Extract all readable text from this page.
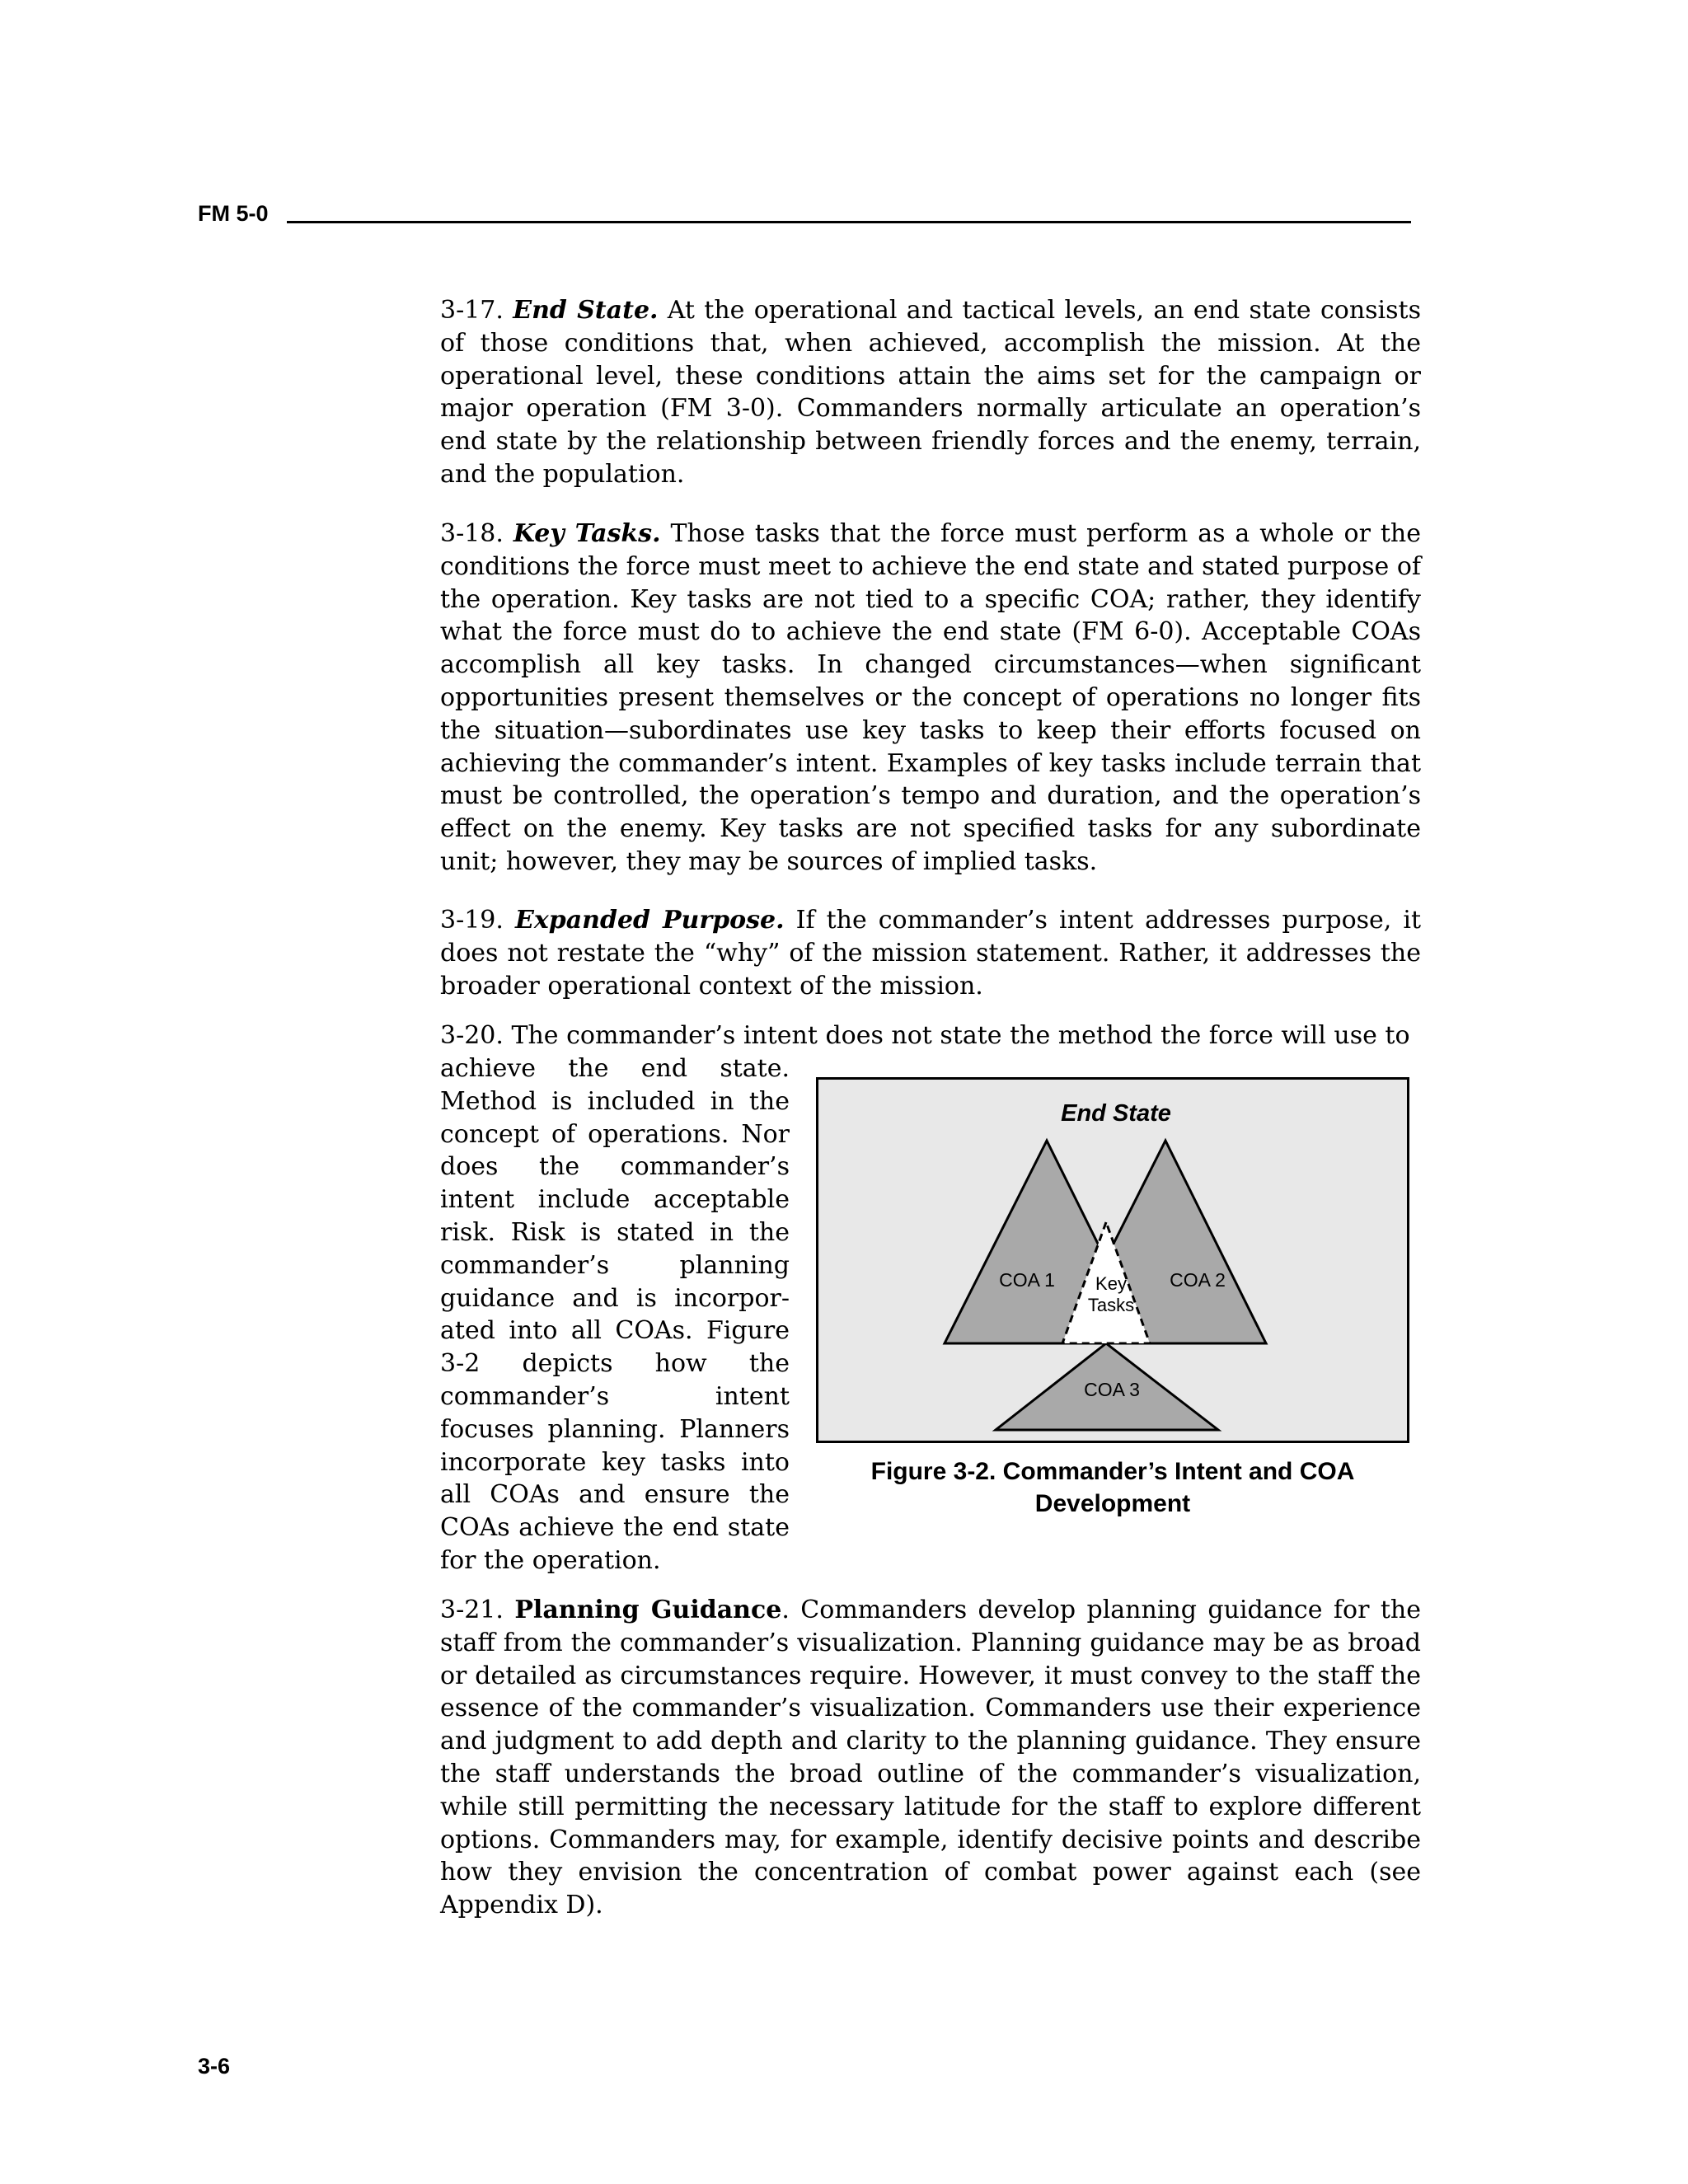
FM 5-0

3-17. End State. At the operational and tactical levels, an end state consists of those conditions that, when achieved, accomplish the mission. At the operational level, these conditions attain the aims set for the campaign or major operation (FM 3-0). Commanders normally articulate an operation’s end state by the relationship between friendly forces and the enemy, terrain, and the population.

3-18. Key Tasks. Those tasks that the force must perform as a whole or the conditions the force must meet to achieve the end state and stated purpose of the operation. Key tasks are not tied to a specific COA; rather, they identify what the force must do to achieve the end state (FM 6-0). Acceptable COAs accomplish all key tasks. In changed circumstances—when significant opportunities present themselves or the concept of operations no longer fits the situation—subordinates use key tasks to keep their efforts focused on achieving the commander’s intent. Examples of key tasks include terrain that must be controlled, the operation’s tempo and duration, and the operation’s effect on the enemy. Key tasks are not specified tasks for any subordinate unit; however, they may be sources of implied tasks.

3-19. Expanded Purpose. If the commander’s intent addresses purpose, it does not restate the “why” of the mission statement. Rather, it addresses the broader operational context of the mission.

3-20. The commander’s intent does not state the method the force will use to

achieve the end state. Method is included in the concept of operations. Nor does the commander’s intent include acceptable risk. Risk is stated in the commander’s planning guidance and is incorpor-ated into all COAs. Figure 3-2 depicts how the commander’s intent focuses planning. Planners incorporate key tasks into all COAs and ensure the COAs achieve the end state for the operation.
End State
COA 1	COA 2
COA 3
Key
Tasks
Figure 3-2. Commander’s Intent and COA
Development

3-21. Planning Guidance. Commanders develop planning guidance for the staff from the commander’s visualization. Planning guidance may be as broad or detailed as circumstances require. However, it must convey to the staff the essence of the commander’s visualization. Commanders use their experience and judgment to add depth and clarity to the planning guidance. They ensure the staff understands the broad outline of the commander’s visualization, while still permitting the necessary latitude for the staff to explore different options. Commanders may, for example, identify decisive points and describe how they envision the concentration of combat power against each (see Appendix D).

3-6
